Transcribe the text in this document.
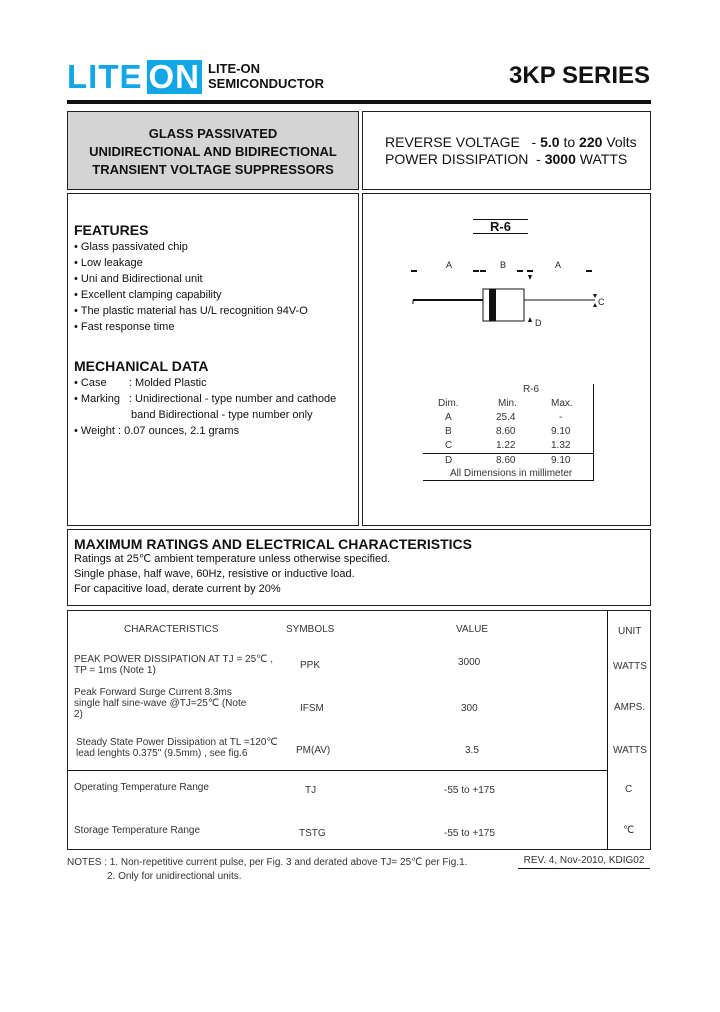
LITE ON LITE-ON
SEMICONDUCTOR	3KP SERIES
GLASS PASSIVATED
UNIDIRECTIONAL AND BIDIRECTIONAL
TRANSIENT VOLTAGE SUPPRESSORS
REVERSE VOLTAGE - 5.0 to 220 Volts
POWER DISSIPATION - 3000 WATTS
FEATURES
• Glass passivated chip
• Low leakage
• Uni and Bidirectional unit
• Excellent clamping capability
• The plastic material has U/L recognition 94V-O
• Fast response time
MECHANICAL DATA
• Case : Molded Plastic
• Marking : Unidirectional - type number and cathode
band Bidirectional - type number only
• Weight : 0.07 ounces, 2.1 grams
R-6
A	B	A
C
D
R-6
Dim.	Min.	Max.
A	25.4	-
B	8.60	9.10
C	1.22	1.32
D	8.60	9.10
All Dimensions in millimeter
MAXIMUM RATINGS AND ELECTRICAL CHARACTERISTICS
Ratings at 25℃ ambient temperature unless otherwise specified.
Single phase, half wave, 60Hz, resistive or inductive load.
For capacitive load, derate current by 20%
CHARACTERISTICS	SYMBOLS	VALUE	UNIT
PEAK POWER DISSIPATION AT TJ = 25℃ ,
TP = 1ms (Note 1)	PPK	3000	WATTS
Peak Forward Surge Current 8.3ms
single half sine-wave @TJ=25℃ (Note 2)
IFSM	300	AMPS.
Steady State Power Dissipation at TL =120℃
lead lenghts 0.375" (9.5mm) , see fig.6	PM(AV)	3.5	WATTS
Operating Temperature Range	TJ	-55 to +175	C
Storage Temperature Range	TSTG	-55 to +175	℃
NOTES : 1. Non-repetitive current pulse, per Fig. 3 and derated above TJ= 25℃ per Fig.1.
2. Only for unidirectional units.
REV. 4, Nov-2010, KDIG02
